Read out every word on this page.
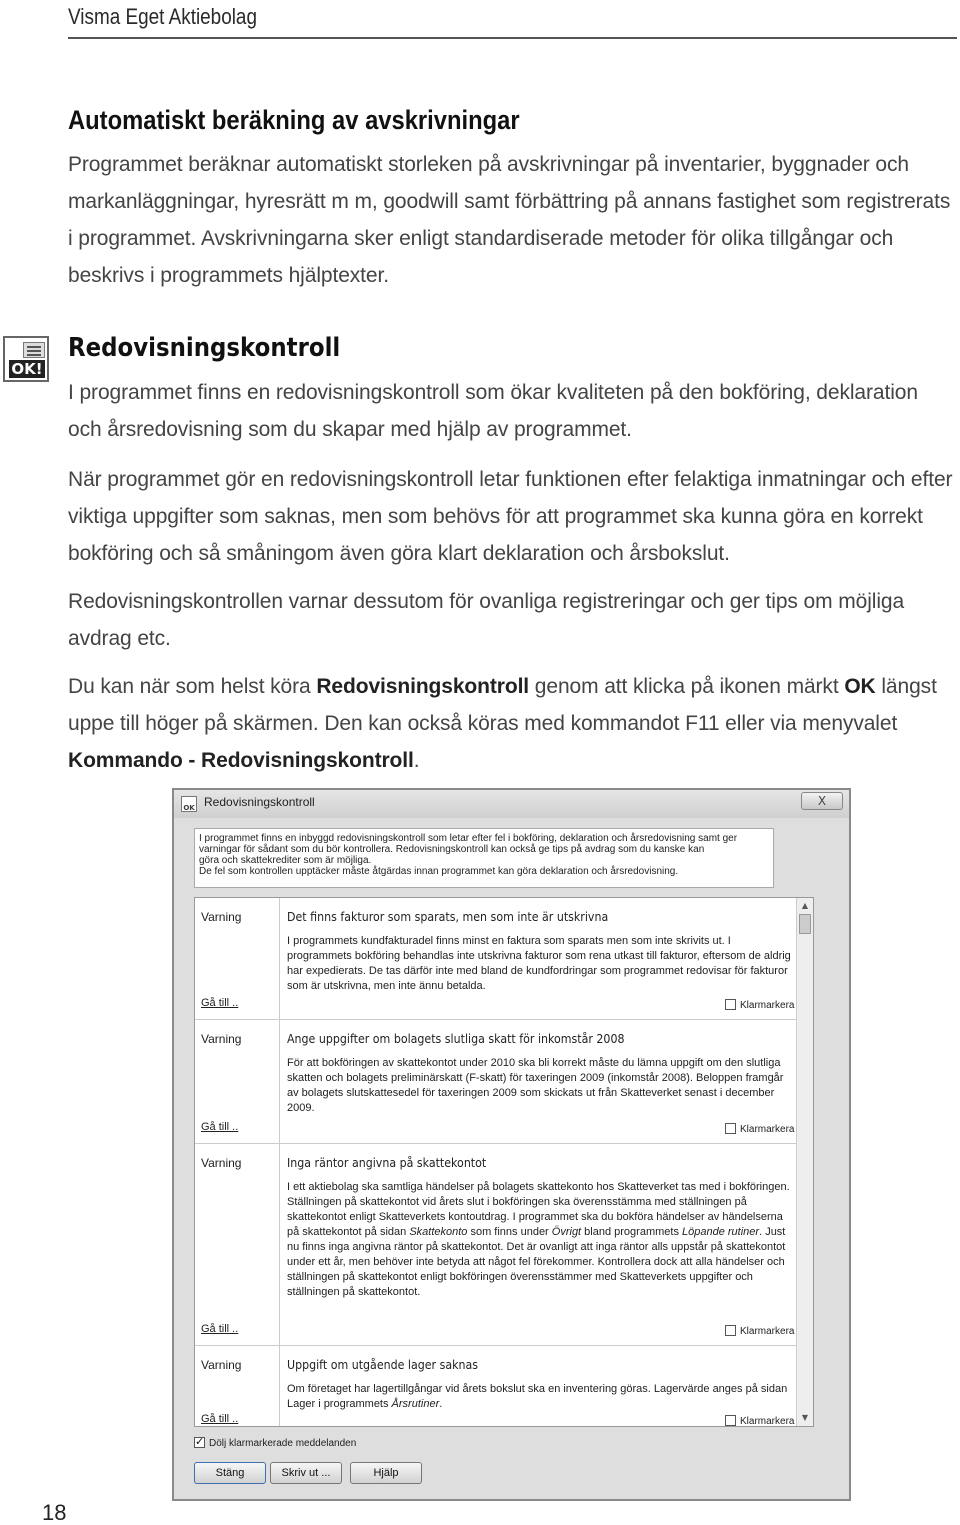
Visma Eget Aktiebolag
Automatiskt beräkning av avskrivningar
Programmet beräknar automatiskt storleken på avskrivningar på inventarier, byggnader och markanläggningar, hyresrätt m m, goodwill samt förbättring på annans fastighet som registrerats i programmet. Avskrivningarna sker enligt standardiserade metoder för olika tillgångar och beskrivs i programmets hjälptexter.
OK!
Redovisningskontroll
I programmet finns en redovisningskontroll som ökar kvaliteten på den bokföring, deklaration och årsredovisning som du skapar med hjälp av programmet.
När programmet gör en redovisningskontroll letar funktionen efter felaktiga inmatningar och efter viktiga uppgifter som saknas, men som behövs för att programmet ska kunna göra en korrekt bokföring och så småningom även göra klart deklaration och årsbokslut.
Redovisningskontrollen varnar dessutom för ovanliga registreringar och ger tips om möjliga avdrag etc.
Du kan när som helst köra Redovisningskontroll genom att klicka på ikonen märkt OK längst uppe till höger på skärmen. Den kan också köras med kommandot F11 eller via menyvalet Kommando - Redovisningskontroll.
OK Redovisningskontroll	X
I programmet finns en inbyggd redovisningskontroll som letar efter fel i bokföring, deklaration och årsredovisning samt ger
varningar för sådant som du bör kontrollera. Redovisningskontroll kan också ge tips på avdrag som du kanske kan
göra och skattekrediter som är möjliga.
De fel som kontrollen upptäcker måste åtgärdas innan programmet kan göra deklaration och årsredovisning.
Varning
Gå till ..
Det finns fakturor som sparats, men som inte är utskrivna
I programmets kundfakturadel finns minst en faktura som sparats men som inte skrivits ut. I programmets bokföring behandlas inte utskrivna fakturor som rena utkast till fakturor, eftersom de aldrig har expedierats. De tas därför inte med bland de kundfordringar som programmet redovisar för fakturor som är utskrivna, men inte ännu betalda.
Klarmarkera
Varning
Gå till ..
Ange uppgifter om bolagets slutliga skatt för inkomstår 2008
För att bokföringen av skattekontot under 2010 ska bli korrekt måste du lämna uppgift om den slutliga skatten och bolagets preliminärskatt (F-skatt) för taxeringen 2009 (inkomstår 2008). Beloppen framgår av bolagets slutskattesedel för taxeringen 2009 som skickats ut från Skatteverket senast i december 2009.
Klarmarkera
Varning
Gå till ..
Inga räntor angivna på skattekontot
I ett aktiebolag ska samtliga händelser på bolagets skattekonto hos Skatteverket tas med i bokföringen. Ställningen på skattekontot vid årets slut i bokföringen ska överensstämma med ställningen på skattekontot enligt Skatteverkets kontoutdrag. I programmet ska du bokföra händelser av händelserna på skattekontot på sidan Skattekonto som finns under Övrigt bland programmets Löpande rutiner. Just nu finns inga angivna räntor på skattekontot. Det är ovanligt att inga räntor alls uppstår på skattekontot under ett år, men behöver inte betyda att något fel förekommer. Kontrollera dock att alla händelser och ställningen på skattekontot enligt bokföringen överensstämmer med Skatteverkets uppgifter och ställningen på skattekontot.
Klarmarkera
Varning
Gå till ..
Uppgift om utgående lager saknas
Om företaget har lagertillgångar vid årets bokslut ska en inventering göras. Lagervärde anges på sidan Lager i programmets Årsrutiner.
Klarmarkera
▲
▼
✓Dölj klarmarkerade meddelanden
Stäng	Skriv ut ...	Hjälp
18
